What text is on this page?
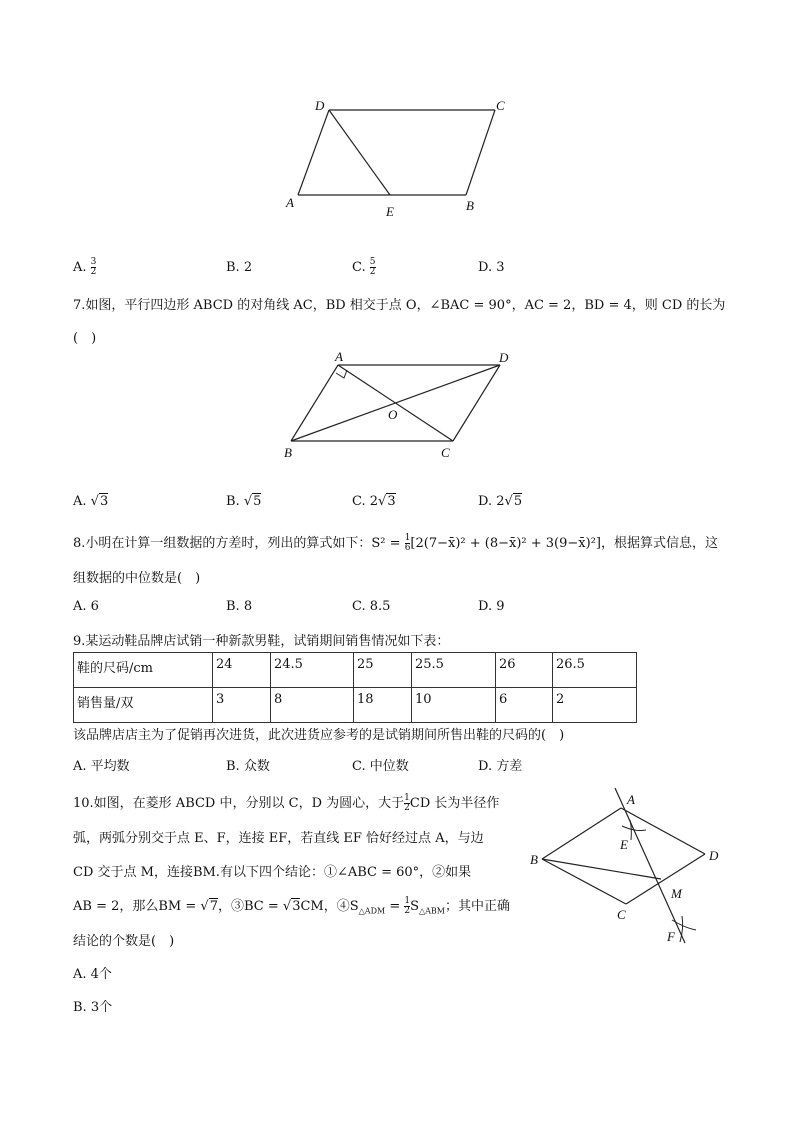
D	C
A
E	B
A. $\frac{3}{2}$	B. 2	C. $\frac{5}{2}$	D. 3
7.如图，平行四边形 ABCD 的对角线 AC，BD 相交于点 O，∠BAC = 90°，AC = 2，BD = 4，则 CD 的长为
(　)
A	D
O
B	C
A. √3	B. √5	C. 2√3	D. 2√5
8.小明在计算一组数据的方差时，列出的算式如下：$S^2 = \frac{1}{6}$ [2(7−x̄)² + (8−x̄)² + 3(9−x̄)²]，根据算式信息，这
组数据的中位数是(　)
A. 6	B. 8	C. 8.5	D. 9
9.某运动鞋品牌店试销一种新款男鞋，试销期间销售情况如下表：
鞋的尺码/cm	24	24.5	25	25.5	26	26.5
销售量/双	3	8	18	10	6	2
该品牌店店主为了促销再次进货，此次进货应参考的是试销期间所售出鞋的尺码的(　)
A. 平均数	B. 众数	C. 中位数	D. 方差
10.如图，在菱形 ABCD 中，分别以 C，D 为圆心，大于 $\frac{1}{2}$ CD 长为半径作
弧，两弧分别交于点 E、F，连接 EF，若直线 EF 恰好经过点 A，与边
CD 交于点 M，连接BM.有以下四个结论：①∠ABC = 60°，②如果
AB = 2，那么BM = √7，③BC = √3CM，$④S_{\triangle ADM} = \frac{1}{2} S_{\triangle ABM}$；其中正确
结论的个数是(　)
A. 4个
B. 3个
A
B
C
D
E
M
F
